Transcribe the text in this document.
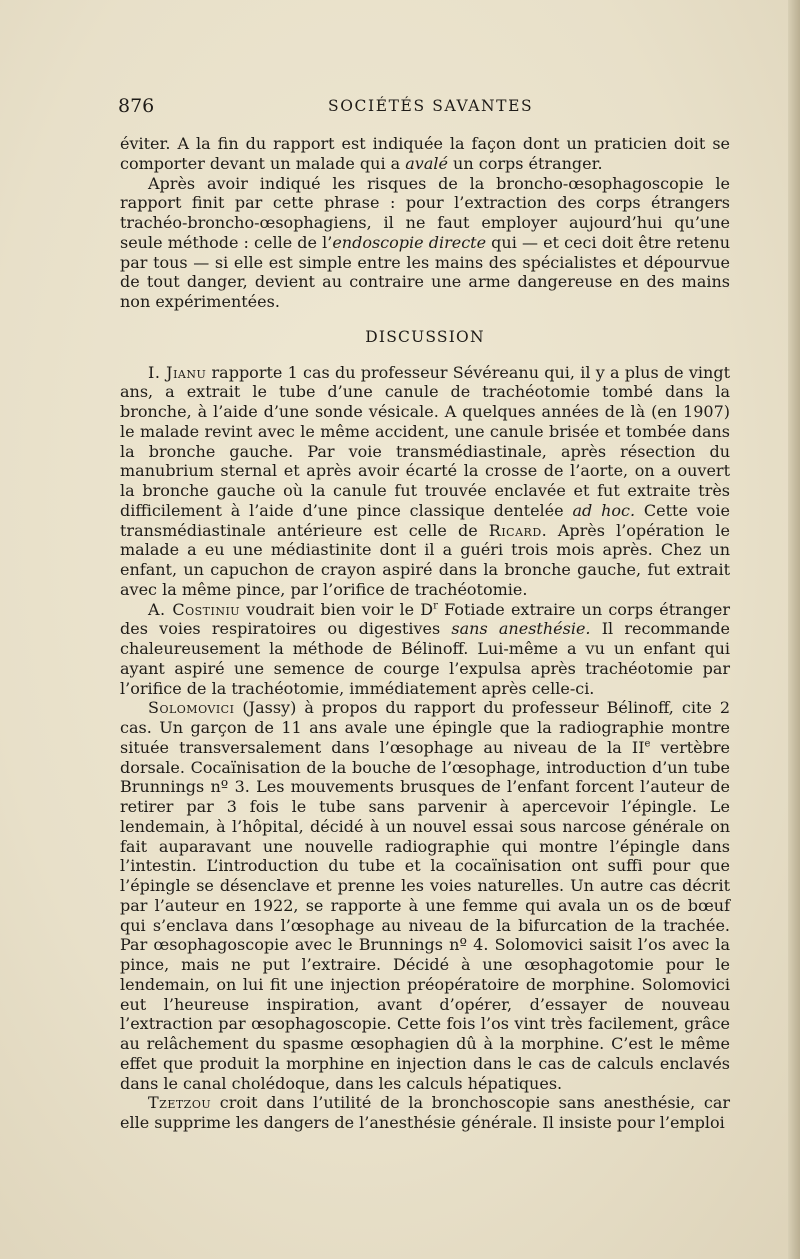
876	SOCIÉTÉS SAVANTES

éviter. A la fin du rapport est indiquée la façon dont un praticien doit se comporter devant un malade qui a avalé un corps étranger.

Après avoir indiqué les risques de la broncho-œsophagoscopie le rapport finit par cette phrase : pour l’extraction des corps étrangers trachéo-broncho-œsophagiens, il ne faut employer aujourd’hui qu’une seule méthode : celle de l’endoscopie directe qui — et ceci doit être retenu par tous — si elle est simple entre les mains des spécialistes et dépourvue de tout danger, devient au contraire une arme dangereuse en des mains non expérimentées.

DISCUSSION

I. Jianu rapporte 1 cas du professeur Sévéreanu qui, il y a plus de vingt ans, a extrait le tube d’une canule de trachéotomie tombé dans la bronche, à l’aide d’une sonde vésicale. A quelques années de là (en 1907) le malade revint avec le même accident, une canule brisée et tombée dans la bronche gauche. Par voie transmédiastinale, après résection du manubrium sternal et après avoir écarté la crosse de l’aorte, on a ouvert la bronche gauche où la canule fut trouvée enclavée et fut extraite très difficilement à l’aide d’une pince classique dentelée ad hoc. Cette voie transmédiastinale antérieure est celle de Ricard. Après l’opération le malade a eu une médiastinite dont il a guéri trois mois après. Chez un enfant, un capuchon de crayon aspiré dans la bronche gauche, fut extrait avec la même pince, par l’orifice de trachéotomie.

A. Costiniu voudrait bien voir le $D^r$ Fotiade extraire un corps étranger des voies respiratoires ou digestives sans anesthésie. Il recommande chaleureusement la méthode de Bélinoff. Lui-même a vu un enfant qui ayant aspiré une semence de courge l’expulsa après trachéotomie par l’orifice de la trachéotomie, immédiatement après celle-ci.

Solomovici (Jassy) à propos du rapport du professeur Bélinoff, cite 2 cas. Un garçon de 11 ans avale une épingle que la radiographie montre située transversalement dans l’œsophage au niveau de la IIe vertèbre dorsale. Cocaïnisation de la bouche de l’œsophage, introduction d’un tube Brunnings nº 3. Les mouvements brusques de l’enfant forcent l’auteur de retirer par 3 fois le tube sans parvenir à apercevoir l’épingle. Le lendemain, à l’hôpital, décidé à un nouvel essai sous narcose générale on fait auparavant une nouvelle radiographie qui montre l’épingle dans l’intestin. L’introduction du tube et la cocaïnisation ont suffi pour que l’épingle se désenclave et prenne les voies naturelles. Un autre cas décrit par l’auteur en 1922, se rapporte à une femme qui avala un os de bœuf qui s’enclava dans l’œsophage au niveau de la bifurcation de la trachée. Par œsophagoscopie avec le Brunnings nº 4. Solomovici saisit l’os avec la pince, mais ne put l’extraire. Décidé à une œsophagotomie pour le lendemain, on lui fit une injection préopératoire de morphine. Solomovici eut l’heureuse inspiration, avant d’opérer, d’essayer de nouveau l’extraction par œsophagoscopie. Cette fois l’os vint très facilement, grâce au relâchement du spasme œsophagien dû à la morphine. C’est le même effet que produit la morphine en injection dans le cas de calculs enclavés dans le canal cholédoque, dans les calculs hépatiques.

Tzetzou croit dans l’utilité de la bronchoscopie sans anesthésie, car elle supprime les dangers de l’anesthésie générale. Il insiste pour l’emploi
